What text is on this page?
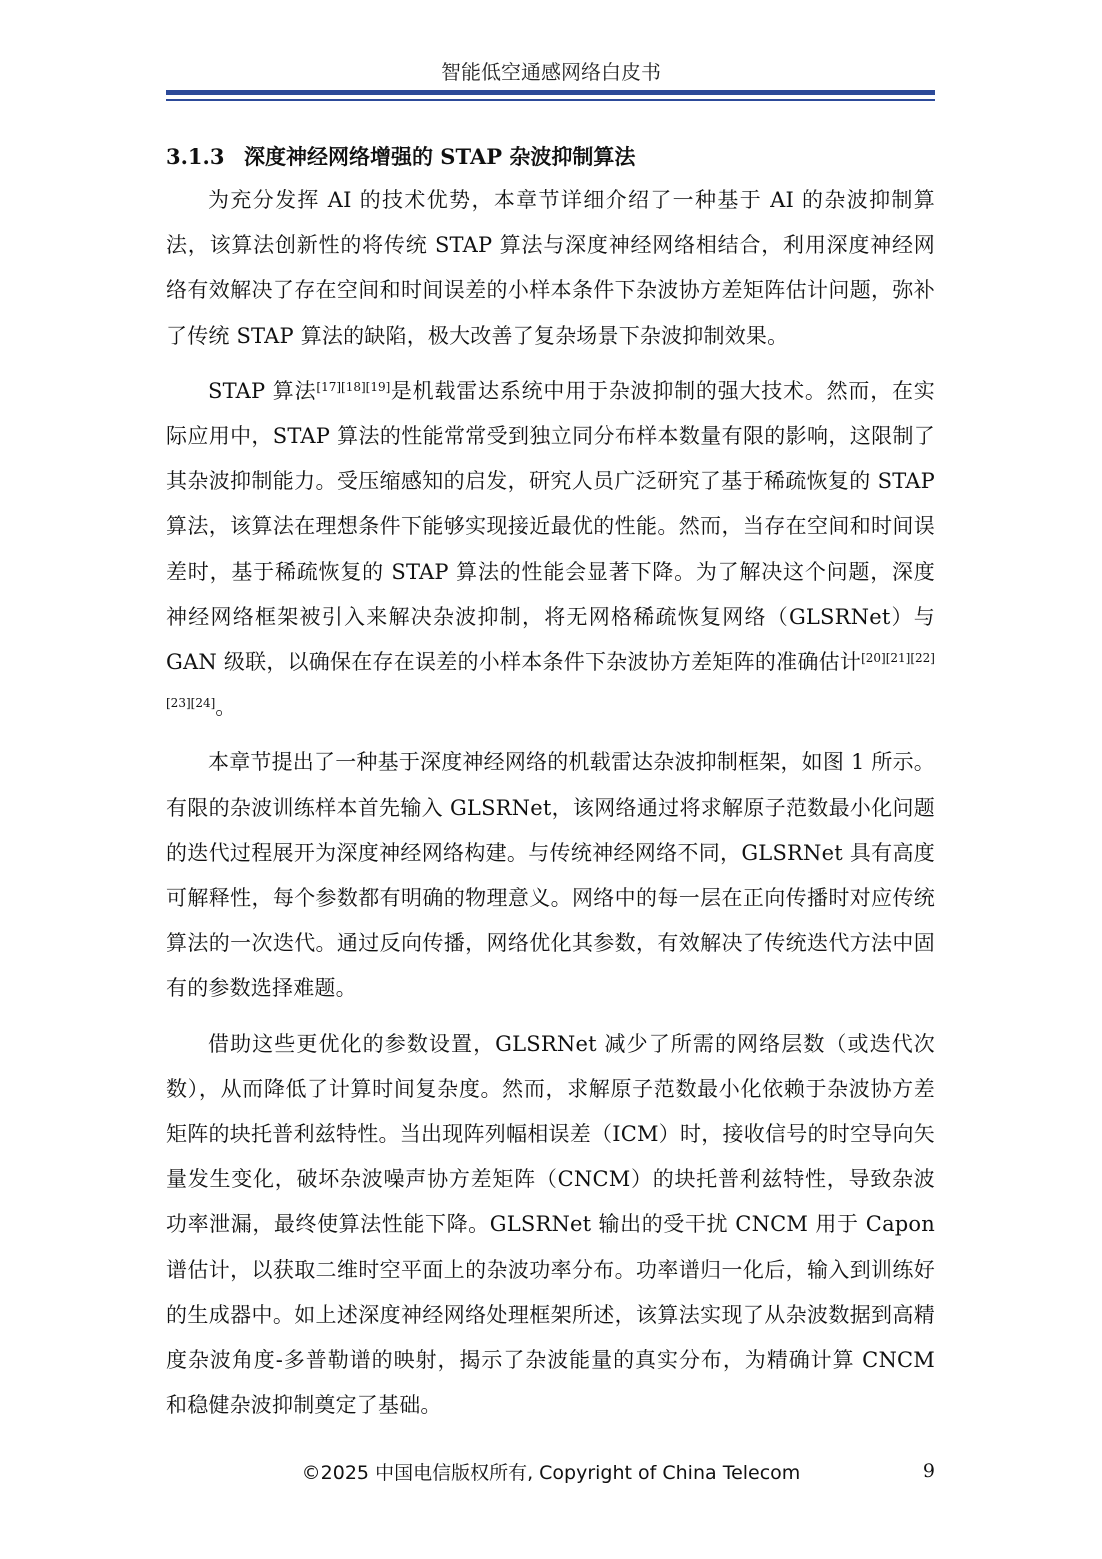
智能低空通感网络白皮书
3.1.3 深度神经网络增强的 STAP 杂波抑制算法

为充分发挥 AI 的技术优势，本章节详细介绍了一种基于 AI 的杂波抑制算法，该算法创新性的将传统 STAP 算法与深度神经网络相结合，利用深度神经网络有效解决了存在空间和时间误差的小样本条件下杂波协方差矩阵估计问题，弥补了传统 STAP 算法的缺陷，极大改善了复杂场景下杂波抑制效果。

STAP 算法[17][18][19]是机载雷达系统中用于杂波抑制的强大技术。然而，在实际应用中，STAP 算法的性能常常受到独立同分布样本数量有限的影响，这限制了其杂波抑制能力。受压缩感知的启发，研究人员广泛研究了基于稀疏恢复的 STAP 算法，该算法在理想条件下能够实现接近最优的性能。然而，当存在空间和时间误差时，基于稀疏恢复的 STAP 算法的性能会显著下降。为了解决这个问题，深度神经网络框架被引入来解决杂波抑制，将无网格稀疏恢复网络（GLSRNet）与 GAN 级联，以确保在存在误差的小样本条件下杂波协方差矩阵的准确估计[20][21][22][23][24]。

本章节提出了一种基于深度神经网络的机载雷达杂波抑制框架，如图 1 所示。有限的杂波训练样本首先输入 GLSRNet，该网络通过将求解原子范数最小化问题的迭代过程展开为深度神经网络构建。与传统神经网络不同，GLSRNet 具有高度可解释性，每个参数都有明确的物理意义。网络中的每一层在正向传播时对应传统算法的一次迭代。通过反向传播，网络优化其参数，有效解决了传统迭代方法中固有的参数选择难题。

借助这些更优化的参数设置，GLSRNet 减少了所需的网络层数（或迭代次数），从而降低了计算时间复杂度。然而，求解原子范数最小化依赖于杂波协方差矩阵的块托普利兹特性。当出现阵列幅相误差（ICM）时，接收信号的时空导向矢量发生变化，破坏杂波噪声协方差矩阵（CNCM）的块托普利兹特性，导致杂波功率泄漏，最终使算法性能下降。GLSRNet 输出的受干扰 CNCM 用于 Capon 谱估计，以获取二维时空平面上的杂波功率分布。功率谱归一化后，输入到训练好的生成器中。如上述深度神经网络处理框架所述，该算法实现了从杂波数据到高精度杂波角度-多普勒谱的映射，揭示了杂波能量的真实分布，为精确计算 CNCM 和稳健杂波抑制奠定了基础。

©2025 中国电信版权所有, Copyright of China Telecom	9
